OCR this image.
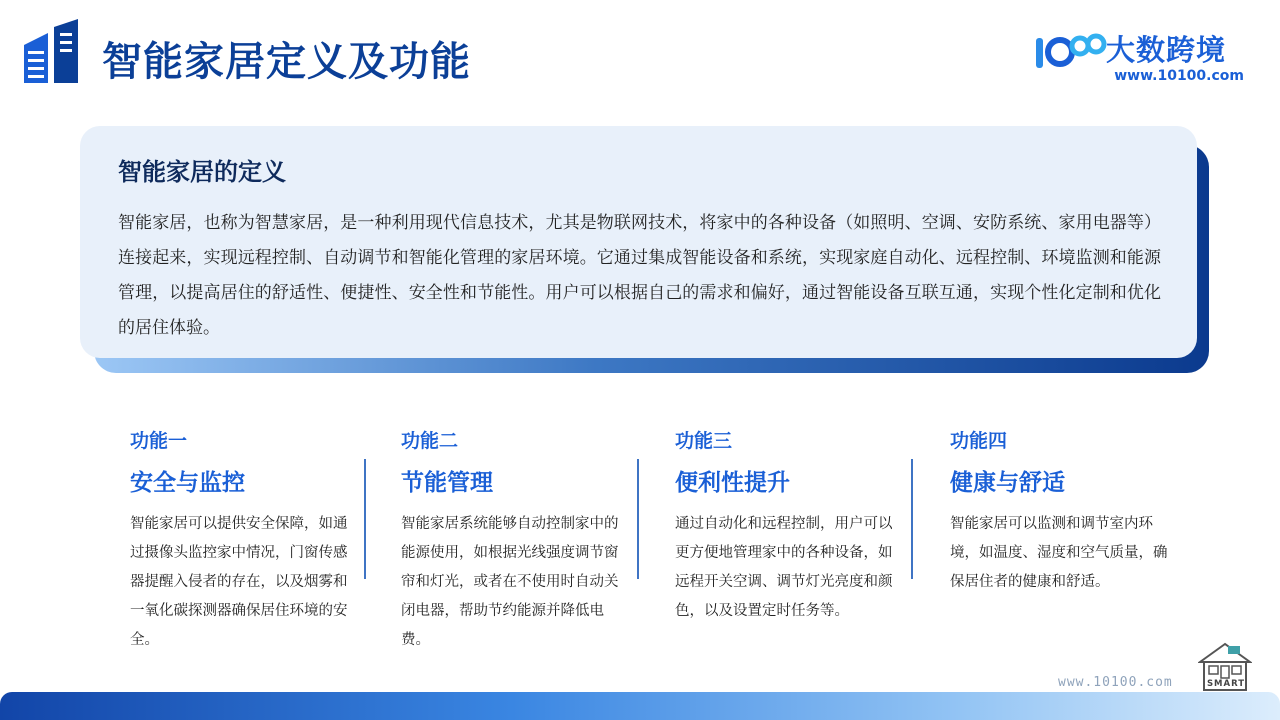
智能家居定义及功能	大数跨境
www.10100.com
智能家居的定义

智能家居，也称为智慧家居，是一种利用现代信息技术，尤其是物联网技术，将家中的各种设备（如照明、空调、安防系统、家用电器等）连接起来，实现远程控制、自动调节和智能化管理的家居环境。它通过集成智能设备和系统，实现家庭自动化、远程控制、环境监测和能源管理，以提高居住的舒适性、便捷性、安全性和节能性。用户可以根据自己的需求和偏好，通过智能设备互联互通，实现个性化定制和优化的居住体验。

功能一
安全与监控
智能家居可以提供安全保障，如通过摄像头监控家中情况，门窗传感器提醒入侵者的存在，以及烟雾和一氧化碳探测器确保居住环境的安全。
功能二
节能管理
智能家居系统能够自动控制家中的能源使用，如根据光线强度调节窗帘和灯光，或者在不使用时自动关闭电器，帮助节约能源并降低电费。
功能三
便利性提升
通过自动化和远程控制，用户可以更方便地管理家中的各种设备，如远程开关空调、调节灯光亮度和颜色，以及设置定时任务等。
功能四
健康与舒适
智能家居可以监测和调节室内环境，如温度、湿度和空气质量，确保居住者的健康和舒适。
www.10100.com	SMART
